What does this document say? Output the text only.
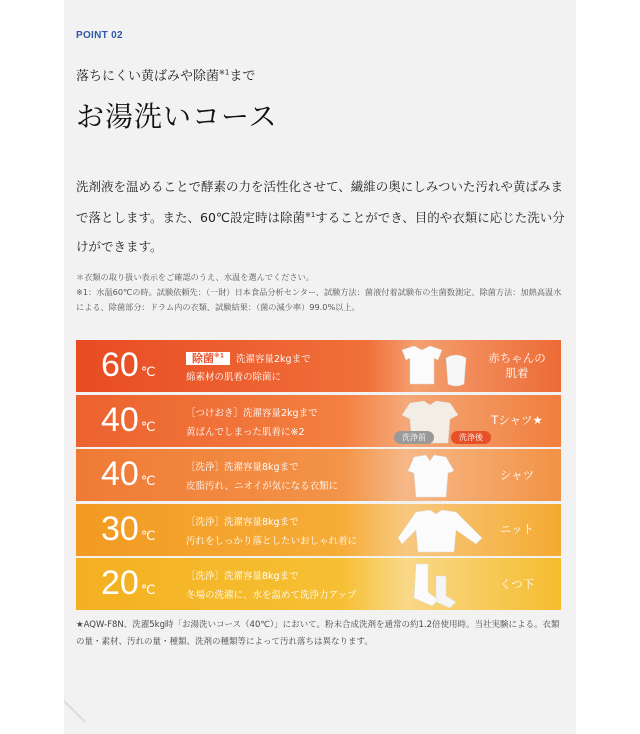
POINT 02
落ちにくい黄ばみや除菌$^{※1}$まで
お湯洗いコース
洗剤液を温めることで酵素の力を活性化させて、繊維の奥にしみついた汚れや黄ばみまで落とします。また、60℃設定時は除菌$^{※1}$することができ、目的や衣類に応じた洗い分けができます。
＊衣類の取り扱い表示をご確認のうえ、水温を選んでください。
※1：水温60℃の時。試験依頼先：（一財）日本食品分析センター、試験方法：菌液付着試験布の生菌数測定、除菌方法：加熱高温水による、除菌部分：ドラム内の衣類、試験結果：（菌の減少率）99.0%以上。
60 ℃
除菌$^{※1}$ 洗濯容量2kgまで
綿素材の肌着の除菌に
赤ちゃんの肌着
40 ℃
［つけおき］洗濯容量2kgまで
黄ばんでしまった肌着に※2	洗浄前	洗浄後
Tシャツ★
40 ℃
［洗浄］洗濯容量8kgまで
皮脂汚れ、ニオイが気になる衣類に
シャツ
30 ℃
［洗浄］洗濯容量8kgまで
汚れをしっかり落としたいおしゃれ着に
ニット
20 ℃
［洗浄］洗濯容量8kgまで
冬場の洗濯に、水を温めて洗浄力アップ
くつ下
★AQW-F8N、洗濯5kg時「お湯洗いコース（40℃）」において。粉末合成洗剤を通常の約1.2倍使用時。当社実験による。衣類の量・素材、汚れの量・種類、洗剤の種類等によって汚れ落ちは異なります。
